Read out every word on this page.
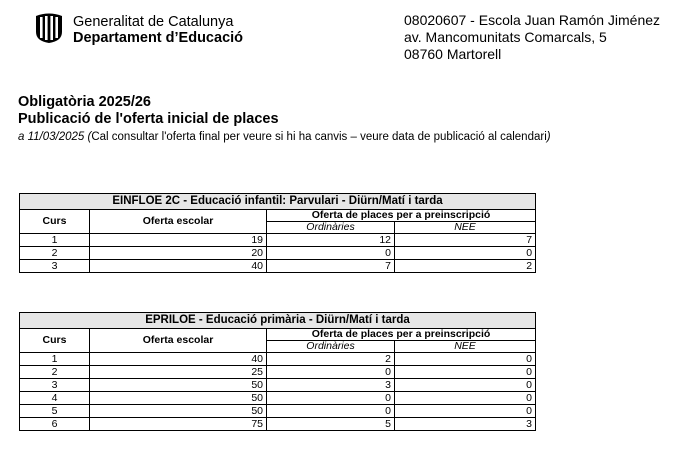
Generalitat de Catalunya
Departament d’Educació
08020607 - Escola Juan Ramón Jiménez
av. Mancomunitats Comarcals, 5
08760 Martorell
Obligatòria 2025/26
Publicació de l'oferta inicial de places
a 11/03/2025 (Cal consultar l'oferta final per veure si hi ha canvis – veure data de publicació al calendari)
EINFLOE 2C - Educació infantil: Parvulari - Diürn/Matí i tarda			
Curs	Oferta escolar	Oferta de places per a preinscripció	
		Ordinàries	NEE
1	19	12	7
2	20	0	0
3	40	7	2
EPRILOE - Educació primària - Diürn/Matí i tarda			
Curs	Oferta escolar	Oferta de places per a preinscripció	
		Ordinàries	NEE
1	40	2	0
2	25	0	0
3	50	3	0
4	50	0	0
5	50	0	0
6	75	5	3
